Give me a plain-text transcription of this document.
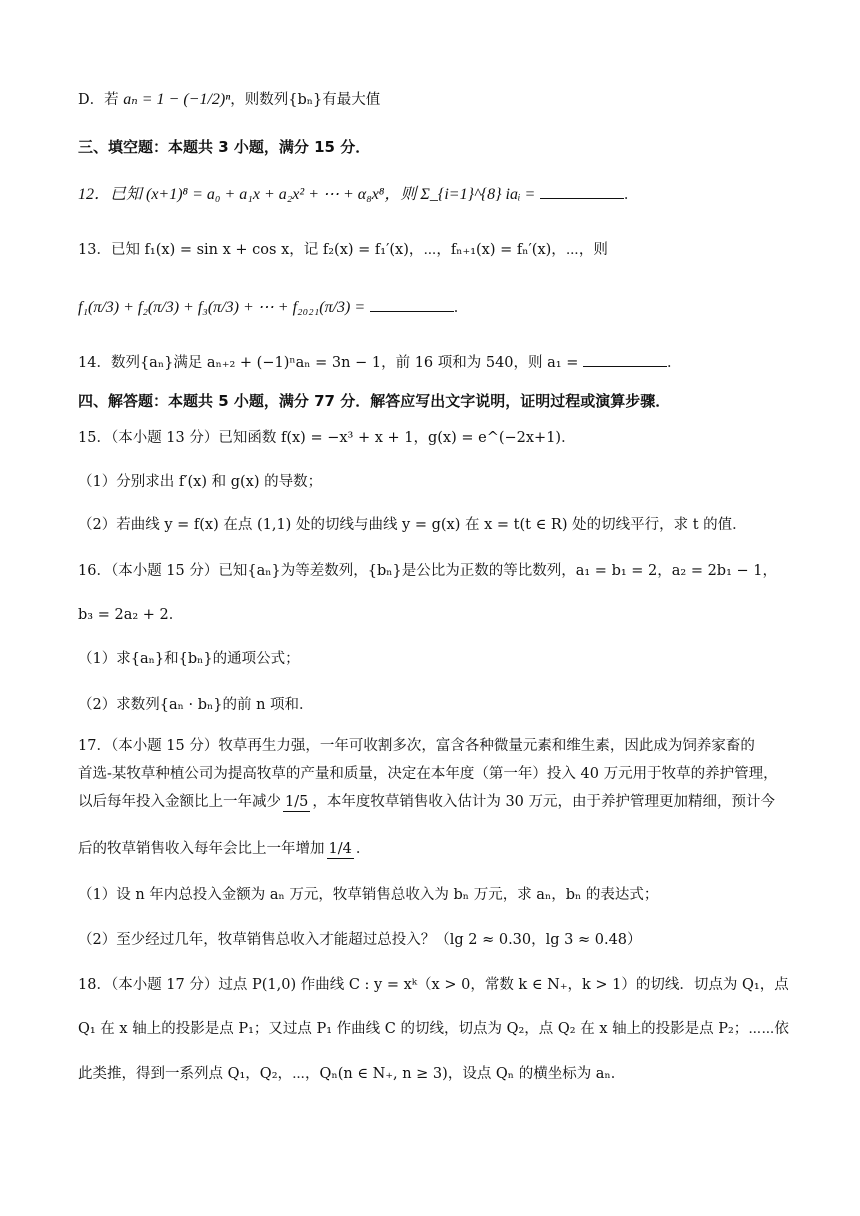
D．若 aₙ = 1 − (−1/2)ⁿ，则数列{bₙ}有最大值
三、填空题：本题共 3 小题，满分 15 分．
12．已知 (x+1)⁸ = a₀ + a₁x + a₂x² + ⋯ + α₈x⁸，则 Σ_{i=1}^{8} iaᵢ =	．
13．已知 f₁(x) = sin x + cos x，记 f₂(x) = f₁′(x)，⋯，fₙ₊₁(x) = fₙ′(x)，⋯，则
f₁(π/3) + f₂(π/3) + f₃(π/3) + ⋯ + f₂₀₂₁(π/3) =	．
14．数列{aₙ}满足 aₙ₊₂ + (−1)ⁿaₙ = 3n − 1，前 16 项和为 540，则 a₁ =	．
四、解答题：本题共 5 小题，满分 77 分．解答应写出文字说明，证明过程或演算步骤．
15．（本小题 13 分）已知函数 f(x) = −x³ + x + 1，g(x) = e^(−2x+1)．
（1）分别求出 f′(x) 和 g(x) 的导数；
（2）若曲线 y = f(x) 在点 (1,1) 处的切线与曲线 y = g(x) 在 x = t(t ∈ R) 处的切线平行，求 t 的值．
16．（本小题 15 分）已知{aₙ}为等差数列，{bₙ}是公比为正数的等比数列，a₁ = b₁ = 2，a₂ = 2b₁ − 1，
b₃ = 2a₂ + 2．
（1）求{aₙ}和{bₙ}的通项公式；
（2）求数列{aₙ · bₙ}的前 n 项和．
17．（本小题 15 分）牧草再生力强，一年可收割多次，富含各种微量元素和维生素，因此成为饲养家畜的
首选-某牧草种植公司为提高牧草的产量和质量，决定在本年度（第一年）投入 40 万元用于牧草的养护管理，
以后每年投入金额比上一年减少 1/5 ，本年度牧草销售收入估计为 30 万元，由于养护管理更加精细，预计今
后的牧草销售收入每年会比上一年增加 1/4 ．
（1）设 n 年内总投入金额为 aₙ 万元，牧草销售总收入为 bₙ 万元，求 aₙ，bₙ 的表达式；
（2）至少经过几年，牧草销售总收入才能超过总投入？（lg 2 ≈ 0.30，lg 3 ≈ 0.48）
18．（本小题 17 分）过点 P(1,0) 作曲线 C : y = xᵏ（x > 0，常数 k ∈ N₊，k > 1）的切线．切点为 Q₁，点
Q₁ 在 x 轴上的投影是点 P₁；又过点 P₁ 作曲线 C 的切线，切点为 Q₂，点 Q₂ 在 x 轴上的投影是点 P₂；⋯⋯依
此类推，得到一系列点 Q₁，Q₂，⋯，Qₙ(n ∈ N₊, n ≥ 3)，设点 Qₙ 的横坐标为 aₙ．
